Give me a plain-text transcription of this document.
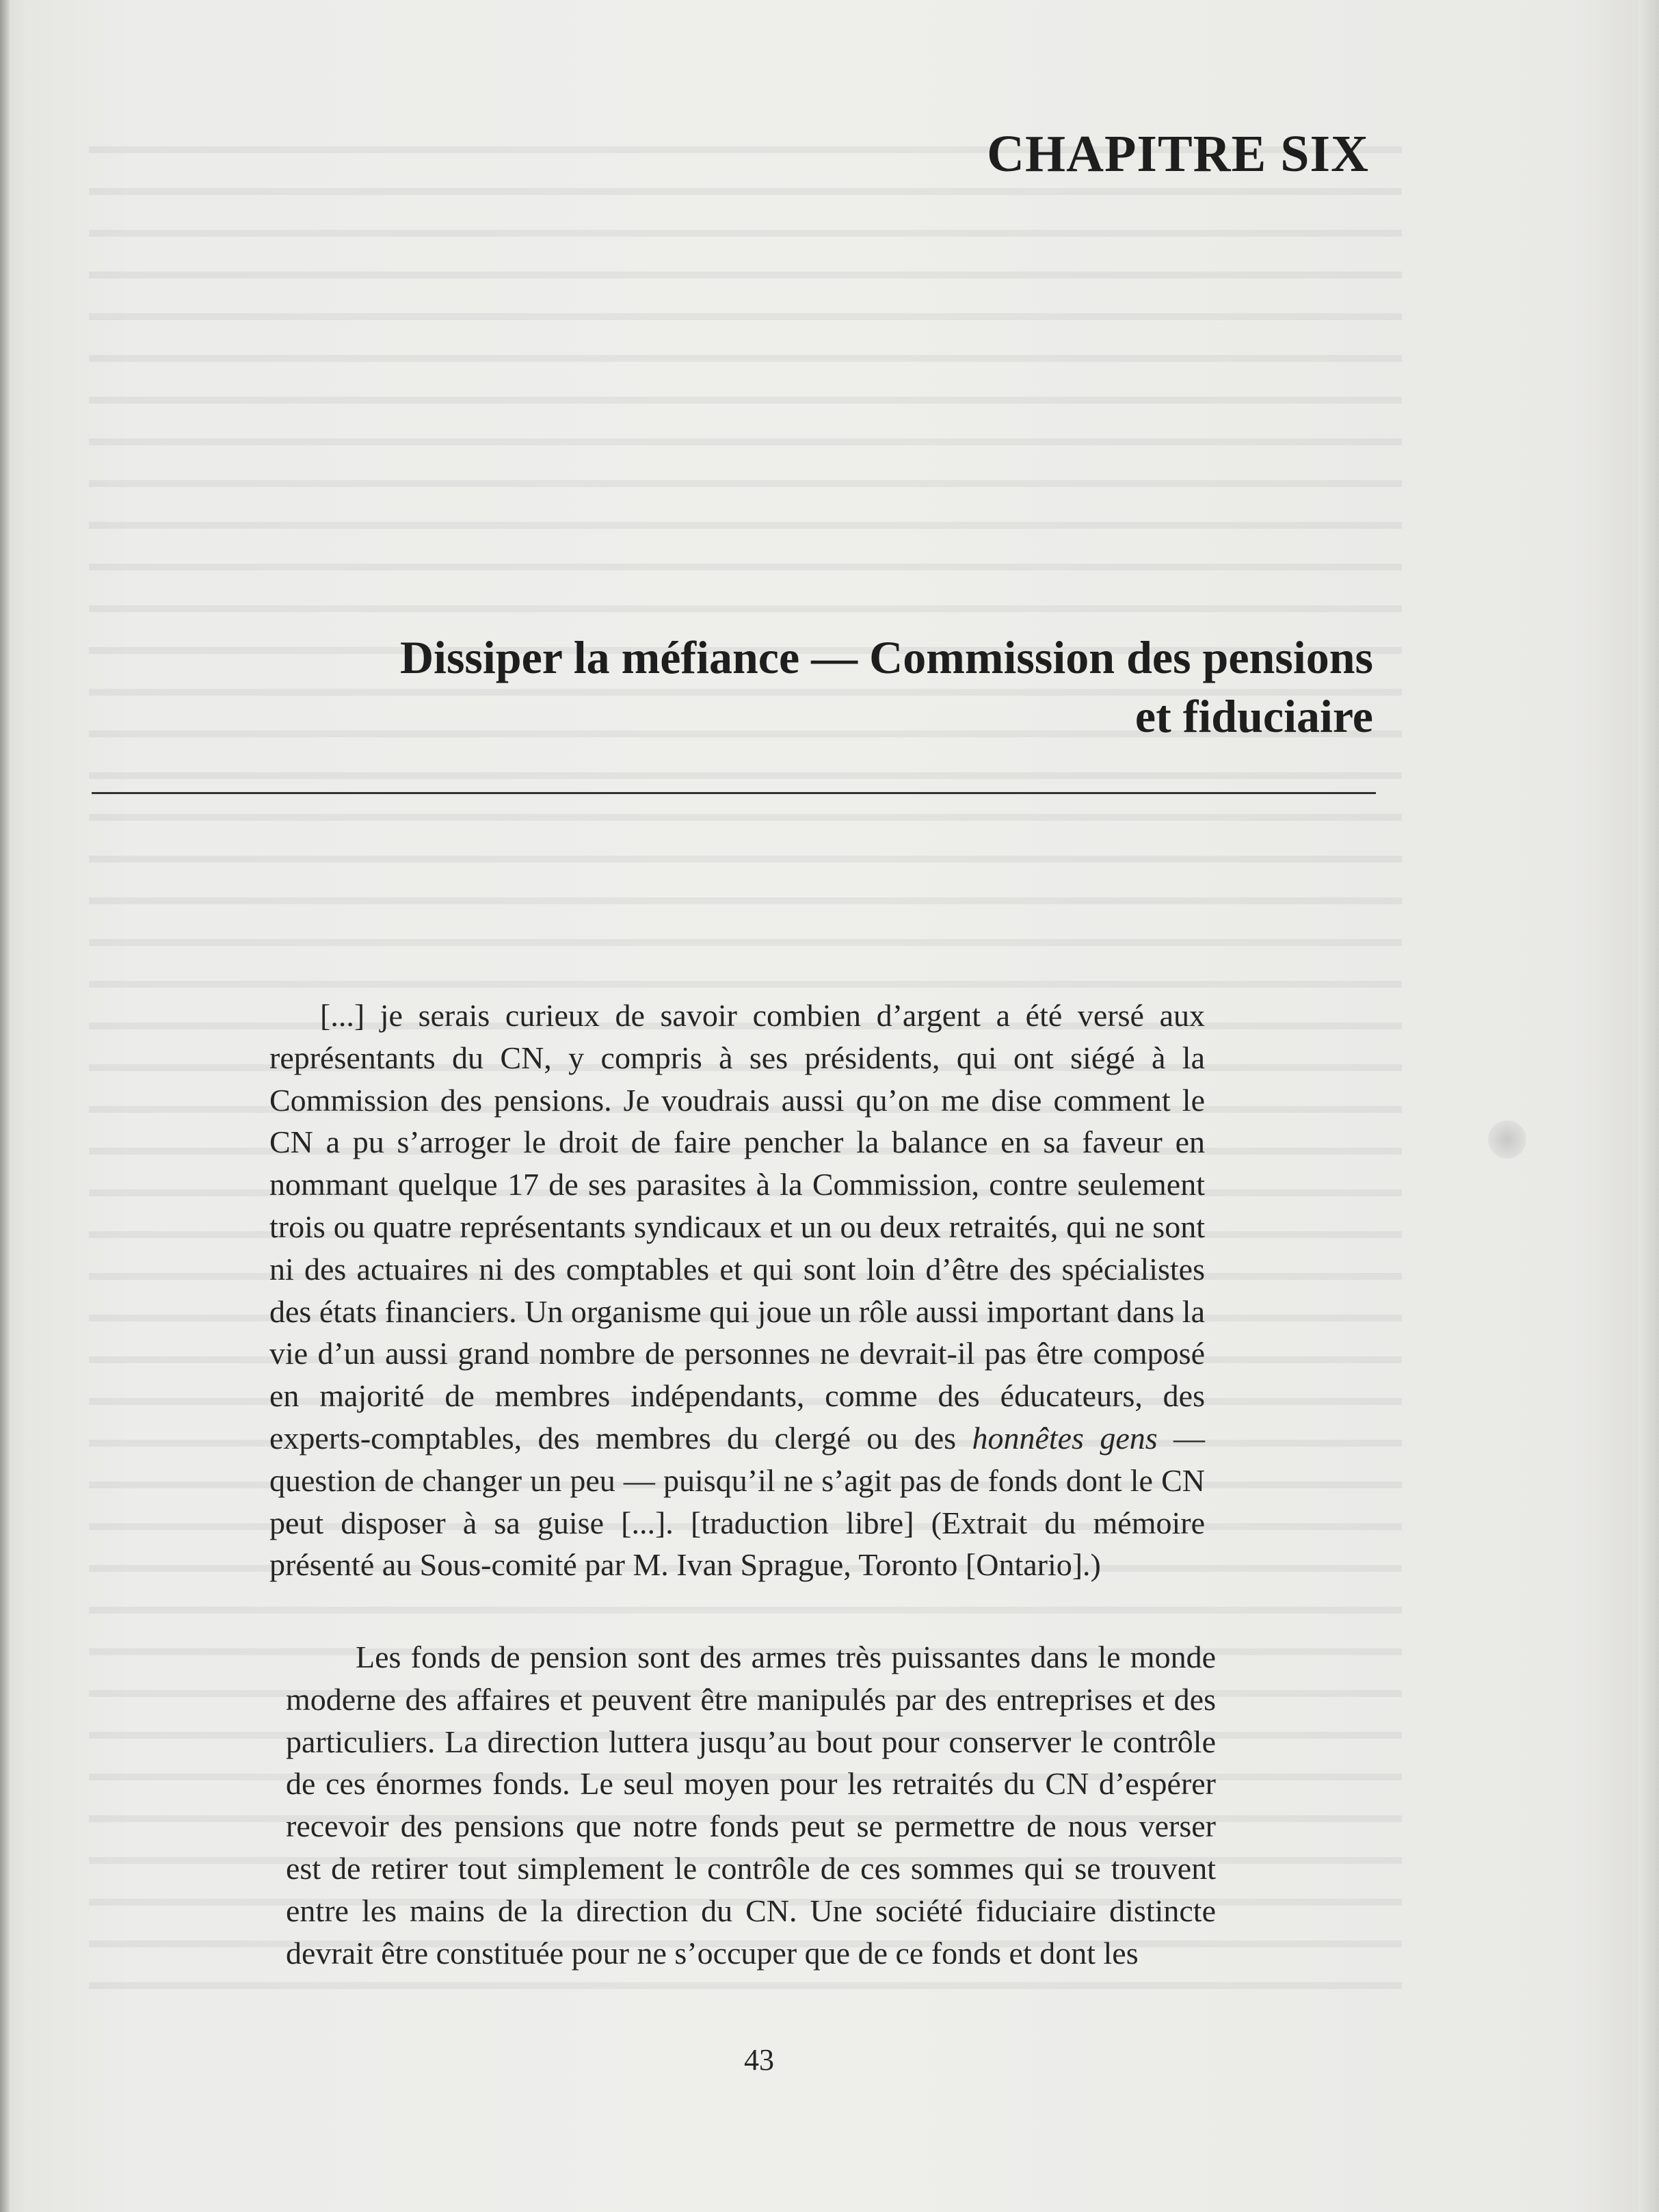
CHAPITRE SIX
Dissiper la méfiance — Commission des pensions
et fiduciaire

[...] je serais curieux de savoir combien d’argent a été versé aux représentants du CN, y compris à ses présidents, qui ont siégé à la Commission des pensions. Je voudrais aussi qu’on me dise comment le CN a pu s’arroger le droit de faire pencher la balance en sa faveur en nommant quelque 17 de ses parasites à la Commission, contre seulement trois ou quatre représentants syndicaux et un ou deux retraités, qui ne sont ni des actuaires ni des comptables et qui sont loin d’être des spécialistes des états financiers. Un organisme qui joue un rôle aussi important dans la vie d’un aussi grand nombre de personnes ne devrait-il pas être composé en majorité de membres indépendants, comme des éducateurs, des experts-comptables, des membres du clergé ou des honnêtes gens — question de changer un peu — puisqu’il ne s’agit pas de fonds dont le CN peut disposer à sa guise [...]. [traduction libre] (Extrait du mémoire présenté au Sous-comité par M. Ivan Sprague, Toronto [Ontario].)

Les fonds de pension sont des armes très puissantes dans le monde moderne des affaires et peuvent être manipulés par des entreprises et des particuliers. La direction luttera jusqu’au bout pour conserver le contrôle de ces énormes fonds. Le seul moyen pour les retraités du CN d’espérer recevoir des pensions que notre fonds peut se permettre de nous verser est de retirer tout simplement le contrôle de ces sommes qui se trouvent entre les mains de la direction du CN. Une société fiduciaire distincte devrait être constituée pour ne s’occuper que de ce fonds et dont les

43
